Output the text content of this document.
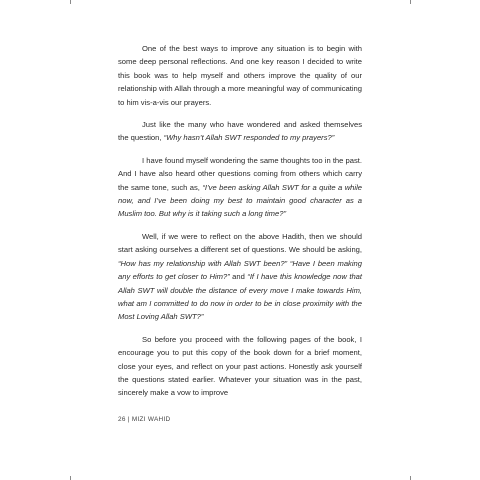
One of the best ways to improve any situation is to begin with some deep personal reflections. And one key reason I decided to write this book was to help myself and others improve the quality of our relationship with Allah through a more meaningful way of communicating to him vis-a-vis our prayers.

Just like the many who have wondered and asked themselves the question, “Why hasn’t Allah SWT responded to my prayers?”

I have found myself wondering the same thoughts too in the past. And I have also heard other questions coming from others which carry the same tone, such as, “I’ve been asking Allah SWT for a quite a while now, and I’ve been doing my best to maintain good character as a Muslim too. But why is it taking such a long time?”

Well, if we were to reflect on the above Hadith, then we should start asking ourselves a different set of questions. We should be asking, “How has my relationship with Allah SWT been?” “Have I been making any efforts to get closer to Him?” and “If I have this knowledge now that Allah SWT will double the distance of every move I make towards Him, what am I committed to do now in order to be in close proximity with the Most Loving Allah SWT?”

So before you proceed with the following pages of the book, I encourage you to put this copy of the book down for a brief moment, close your eyes, and reflect on your past actions. Honestly ask yourself the questions stated earlier. Whatever your situation was in the past, sincerely make a vow to improve

26 | MIZI WAHID
